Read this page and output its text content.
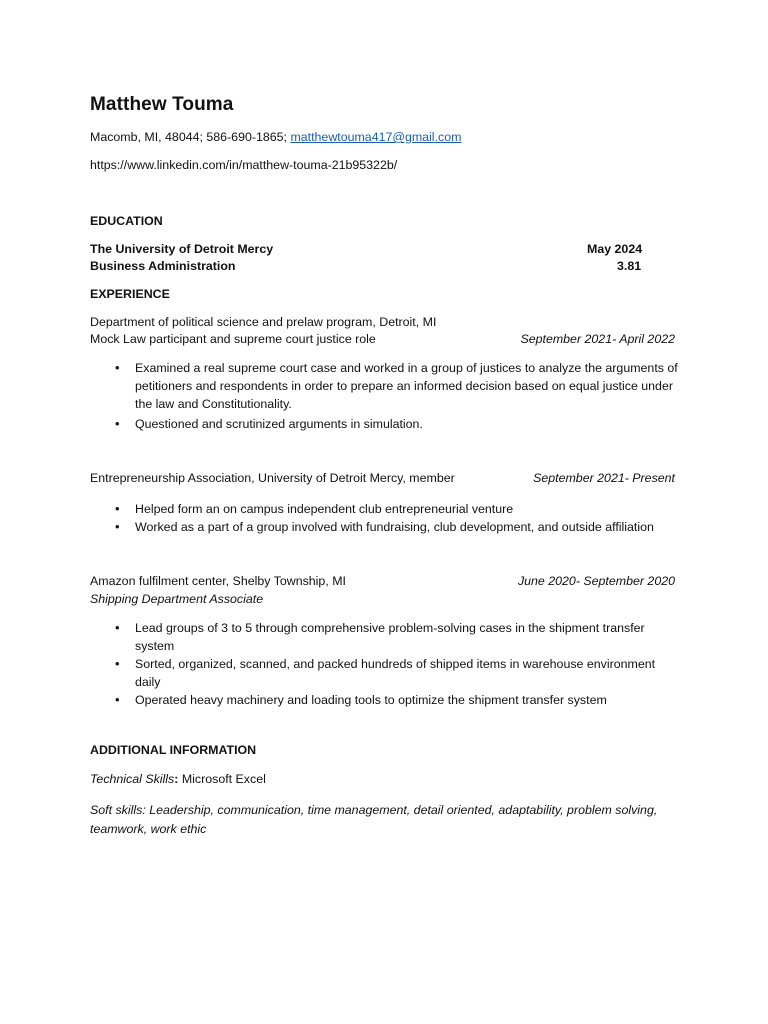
Matthew Touma
Macomb, MI, 48044; 586-690-1865; matthewtouma417@gmail.com
https://www.linkedin.com/in/matthew-touma-21b95322b/
EDUCATION
The University of Detroit Mercy	May 2024
Business Administration	3.81
EXPERIENCE
Department of political science and prelaw program, Detroit, MI
Mock Law participant and supreme court justice role	September 2021- April 2022
• Examined a real supreme court case and worked in a group of justices to analyze the arguments of petitioners and respondents in order to prepare an informed decision based on equal justice under the law and Constitutionality.
• Questioned and scrutinized arguments in simulation.
Entrepreneurship Association, University of Detroit Mercy, member	September 2021- Present
• Helped form an on campus independent club entrepreneurial venture
• Worked as a part of a group involved with fundraising, club development, and outside affiliation
Amazon fulfilment center, Shelby Township, MI	June 2020- September 2020
Shipping Department Associate
• Lead groups of 3 to 5 through comprehensive problem-solving cases in the shipment transfer system
• Sorted, organized, scanned, and packed hundreds of shipped items in warehouse environment daily
• Operated heavy machinery and loading tools to optimize the shipment transfer system
ADDITIONAL INFORMATION
Technical Skills: Microsoft Excel
Soft skills: Leadership, communication, time management, detail oriented, adaptability, problem solving, teamwork, work ethic
